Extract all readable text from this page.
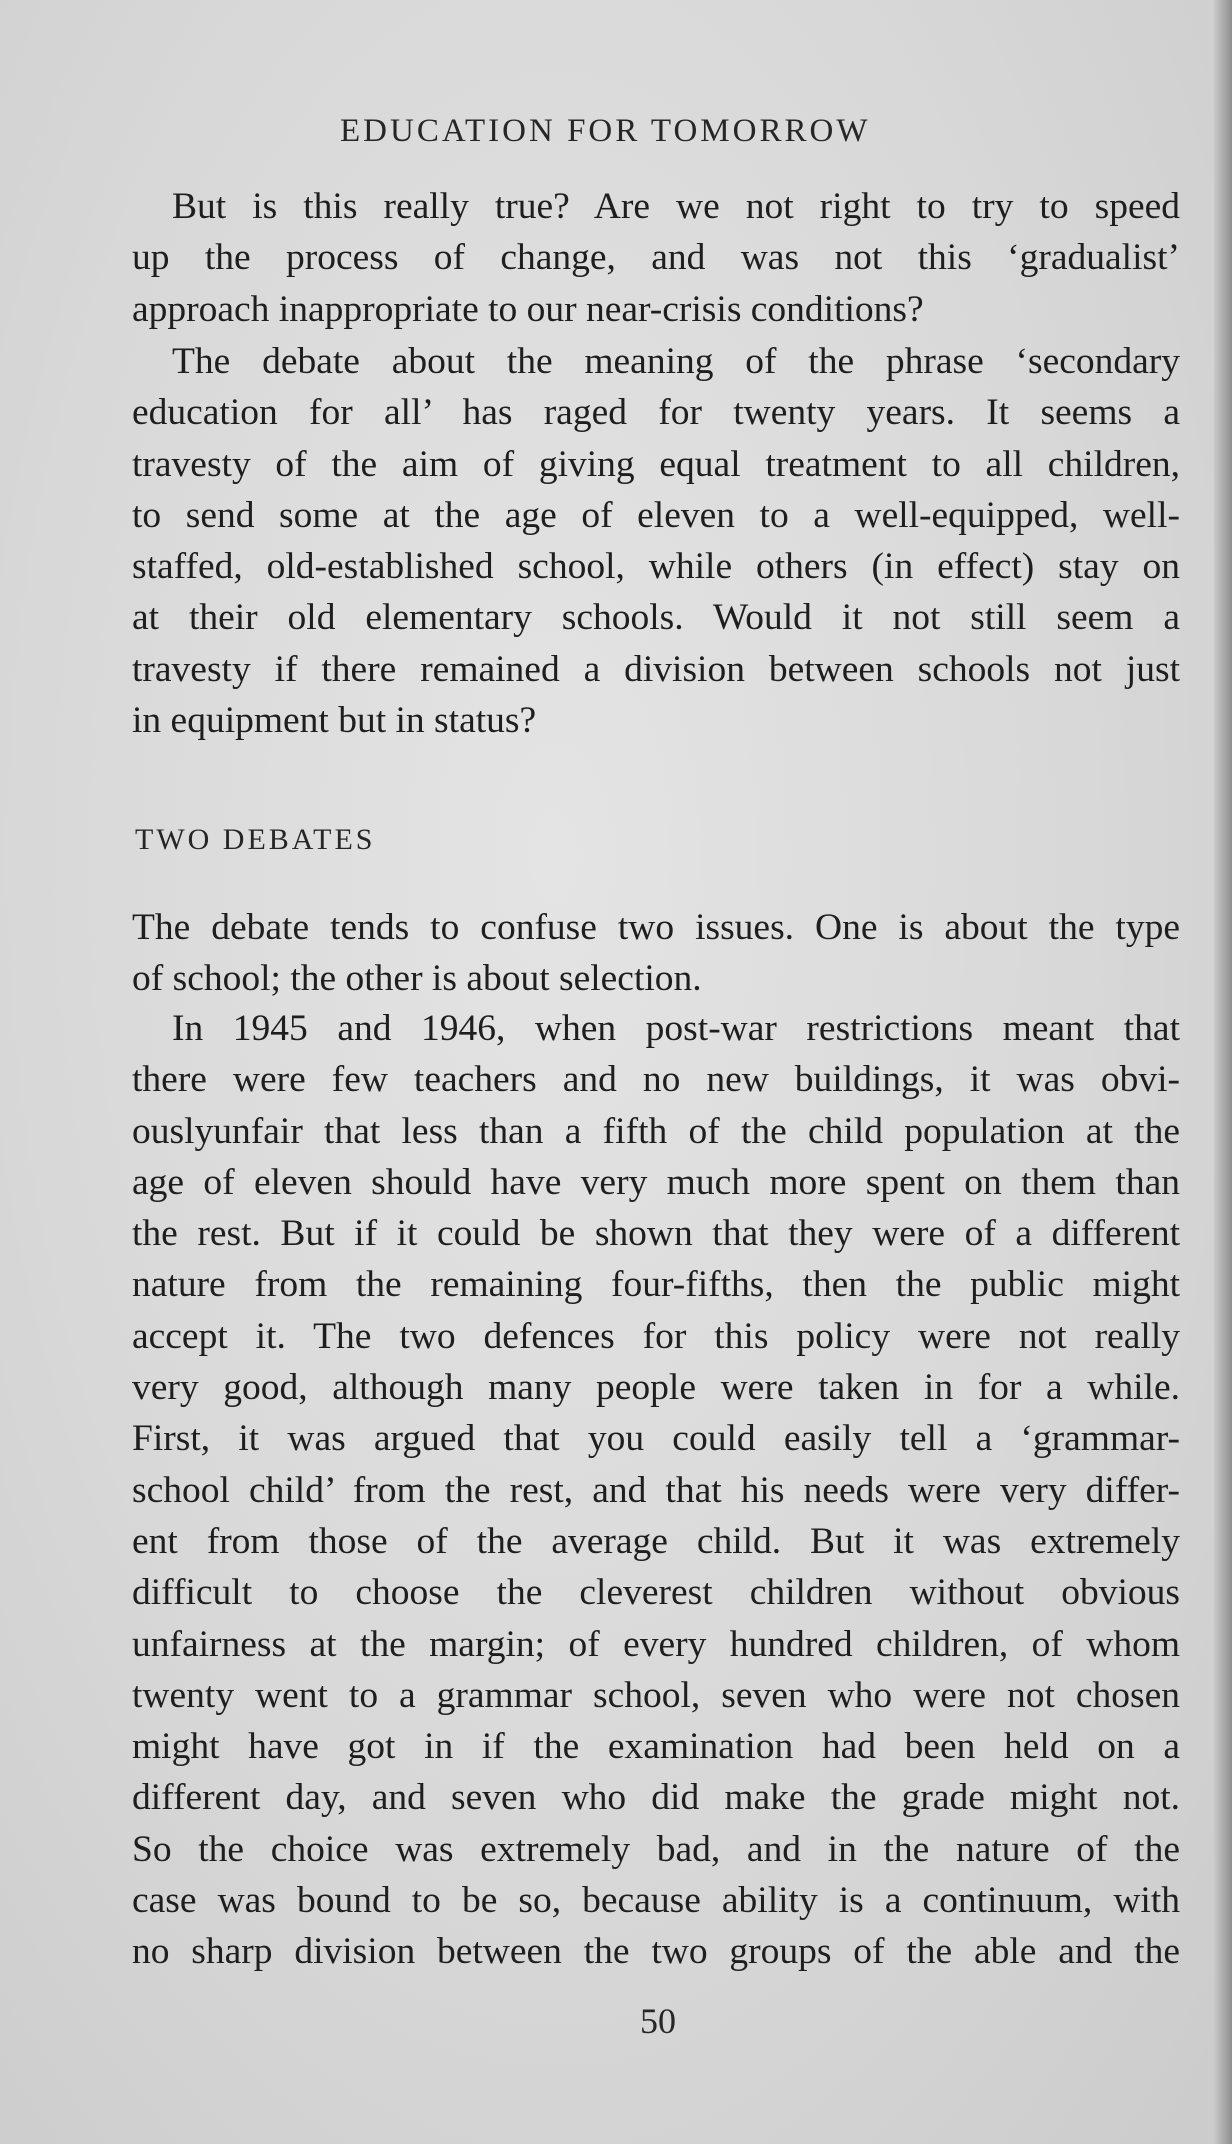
EDUCATION FOR TOMORROW
But is this really true? Are we not right to try to speed
up the process of change, and was not this ‘gradualist’
approach inappropriate to our near-crisis conditions?
The debate about the meaning of the phrase ‘secondary
education for all’ has raged for twenty years. It seems a
travesty of the aim of giving equal treatment to all children,
to send some at the age of eleven to a well-equipped, well-
staffed, old-established school, while others (in effect) stay on
at their old elementary schools. Would it not still seem a
travesty if there remained a division between schools not just
in equipment but in status?
TWO DEBATES
The debate tends to confuse two issues. One is about the type
of school; the other is about selection.
In 1945 and 1946, when post-war restrictions meant that
there were few teachers and no new buildings, it was obvi-
ouslyunfair that less than a fifth of the child population at the
age of eleven should have very much more spent on them than
the rest. But if it could be shown that they were of a different
nature from the remaining four-fifths, then the public might
accept it. The two defences for this policy were not really
very good, although many people were taken in for a while.
First, it was argued that you could easily tell a ‘grammar-
school child’ from the rest, and that his needs were very differ-
ent from those of the average child. But it was extremely
difficult to choose the cleverest children without obvious
unfairness at the margin; of every hundred children, of whom
twenty went to a grammar school, seven who were not chosen
might have got in if the examination had been held on a
different day, and seven who did make the grade might not.
So the choice was extremely bad, and in the nature of the
case was bound to be so, because ability is a continuum, with
no sharp division between the two groups of the able and the
50
